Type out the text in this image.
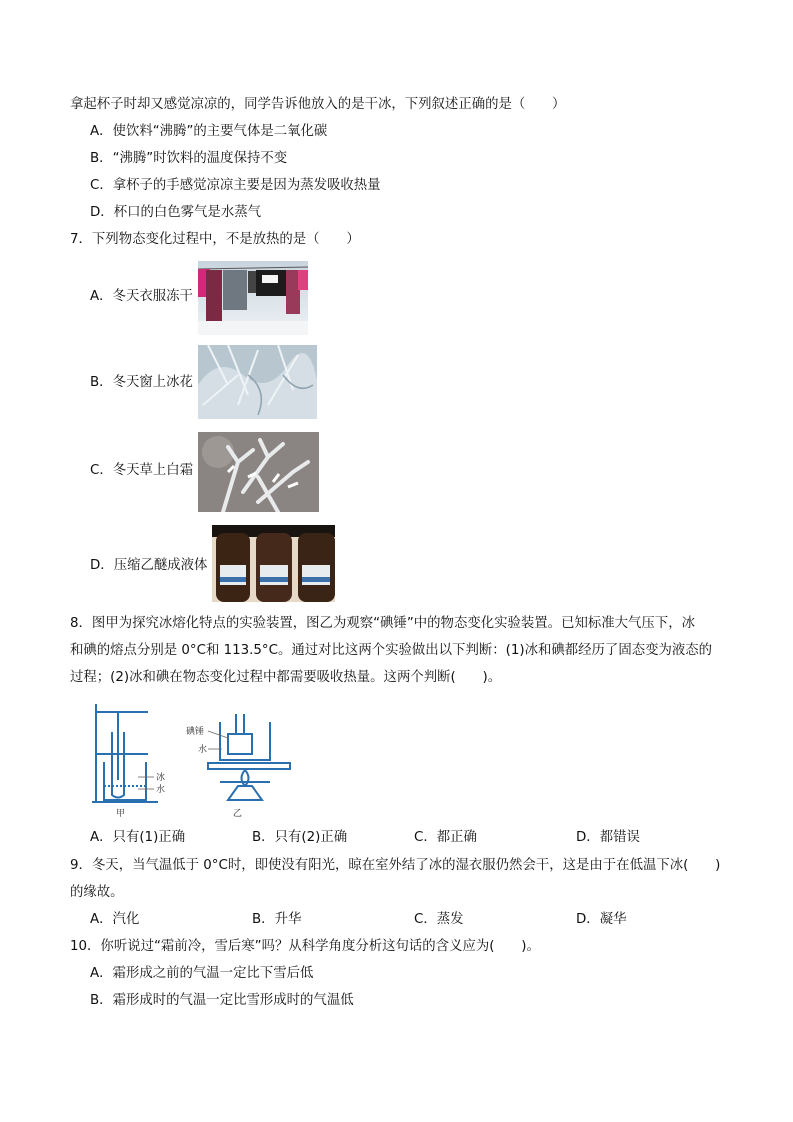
拿起杯子时却又感觉凉凉的，同学告诉他放入的是干冰，下列叙述正确的是（　　）
A．使饮料“沸腾”的主要气体是二氧化碳
B．“沸腾”时饮料的温度保持不变
C．拿杯子的手感觉凉凉主要是因为蒸发吸收热量
D．杯口的白色雾气是水蒸气
7．下列物态变化过程中，不是放热的是（　　）
A．冬天衣服冻干
B．冬天窗上冰花
C．冬天草上白霜
D．压缩乙醚成液体
8．图甲为探究冰熔化特点的实验装置，图乙为观察“碘锤”中的物态变化实验装置。已知标准大气压下，冰
和碘的熔点分别是 0°C和 113.5°C。通过对比这两个实验做出以下判断：(1)冰和碘都经历了固态变为液态的
过程；(2)冰和碘在物态变化过程中都需要吸收热量。这两个判断(　　)。
冰
水
碘锤
水
甲	乙
A．只有(1)正确	B．只有(2)正确	C．都正确	D．都错误
9．冬天，当气温低于 0°C时，即使没有阳光，晾在室外结了冰的湿衣服仍然会干，这是由于在低温下冰(　　)
的缘故。
A．汽化	B．升华	C．蒸发	D．凝华
10．你听说过“霜前冷，雪后寒”吗？从科学角度分析这句话的含义应为(　　)。
A．霜形成之前的气温一定比下雪后低
B．霜形成时的气温一定比雪形成时的气温低
